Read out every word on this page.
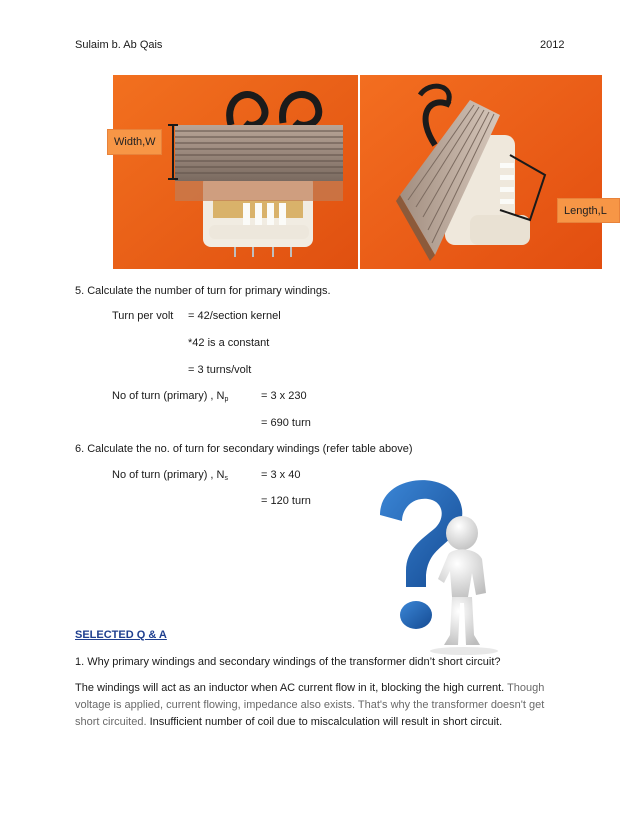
Sulaim b. Ab Qais	2012
Width,W
Length,L
5. Calculate the number of turn for primary windings.
Turn per volt = 42/section kernel
*42 is a constant
= 3 turns/volt
No of turn (primary) , $N_p$	= 3 x 230
= 690 turn
6. Calculate the no. of turn for secondary windings (refer table above)
No of turn (primary) , $N_s$	= 3 x 40
= 120 turn
SELECTED Q & A
1. Why primary windings and secondary windings of the transformer didn’t short circuit?
The windings will act as an inductor when AC current flow in it, blocking the high current. Though voltage is applied, current flowing, impedance also exists. That's why the transformer doesn't get short circuited. Insufficient number of coil due to miscalculation will result in short circuit.
